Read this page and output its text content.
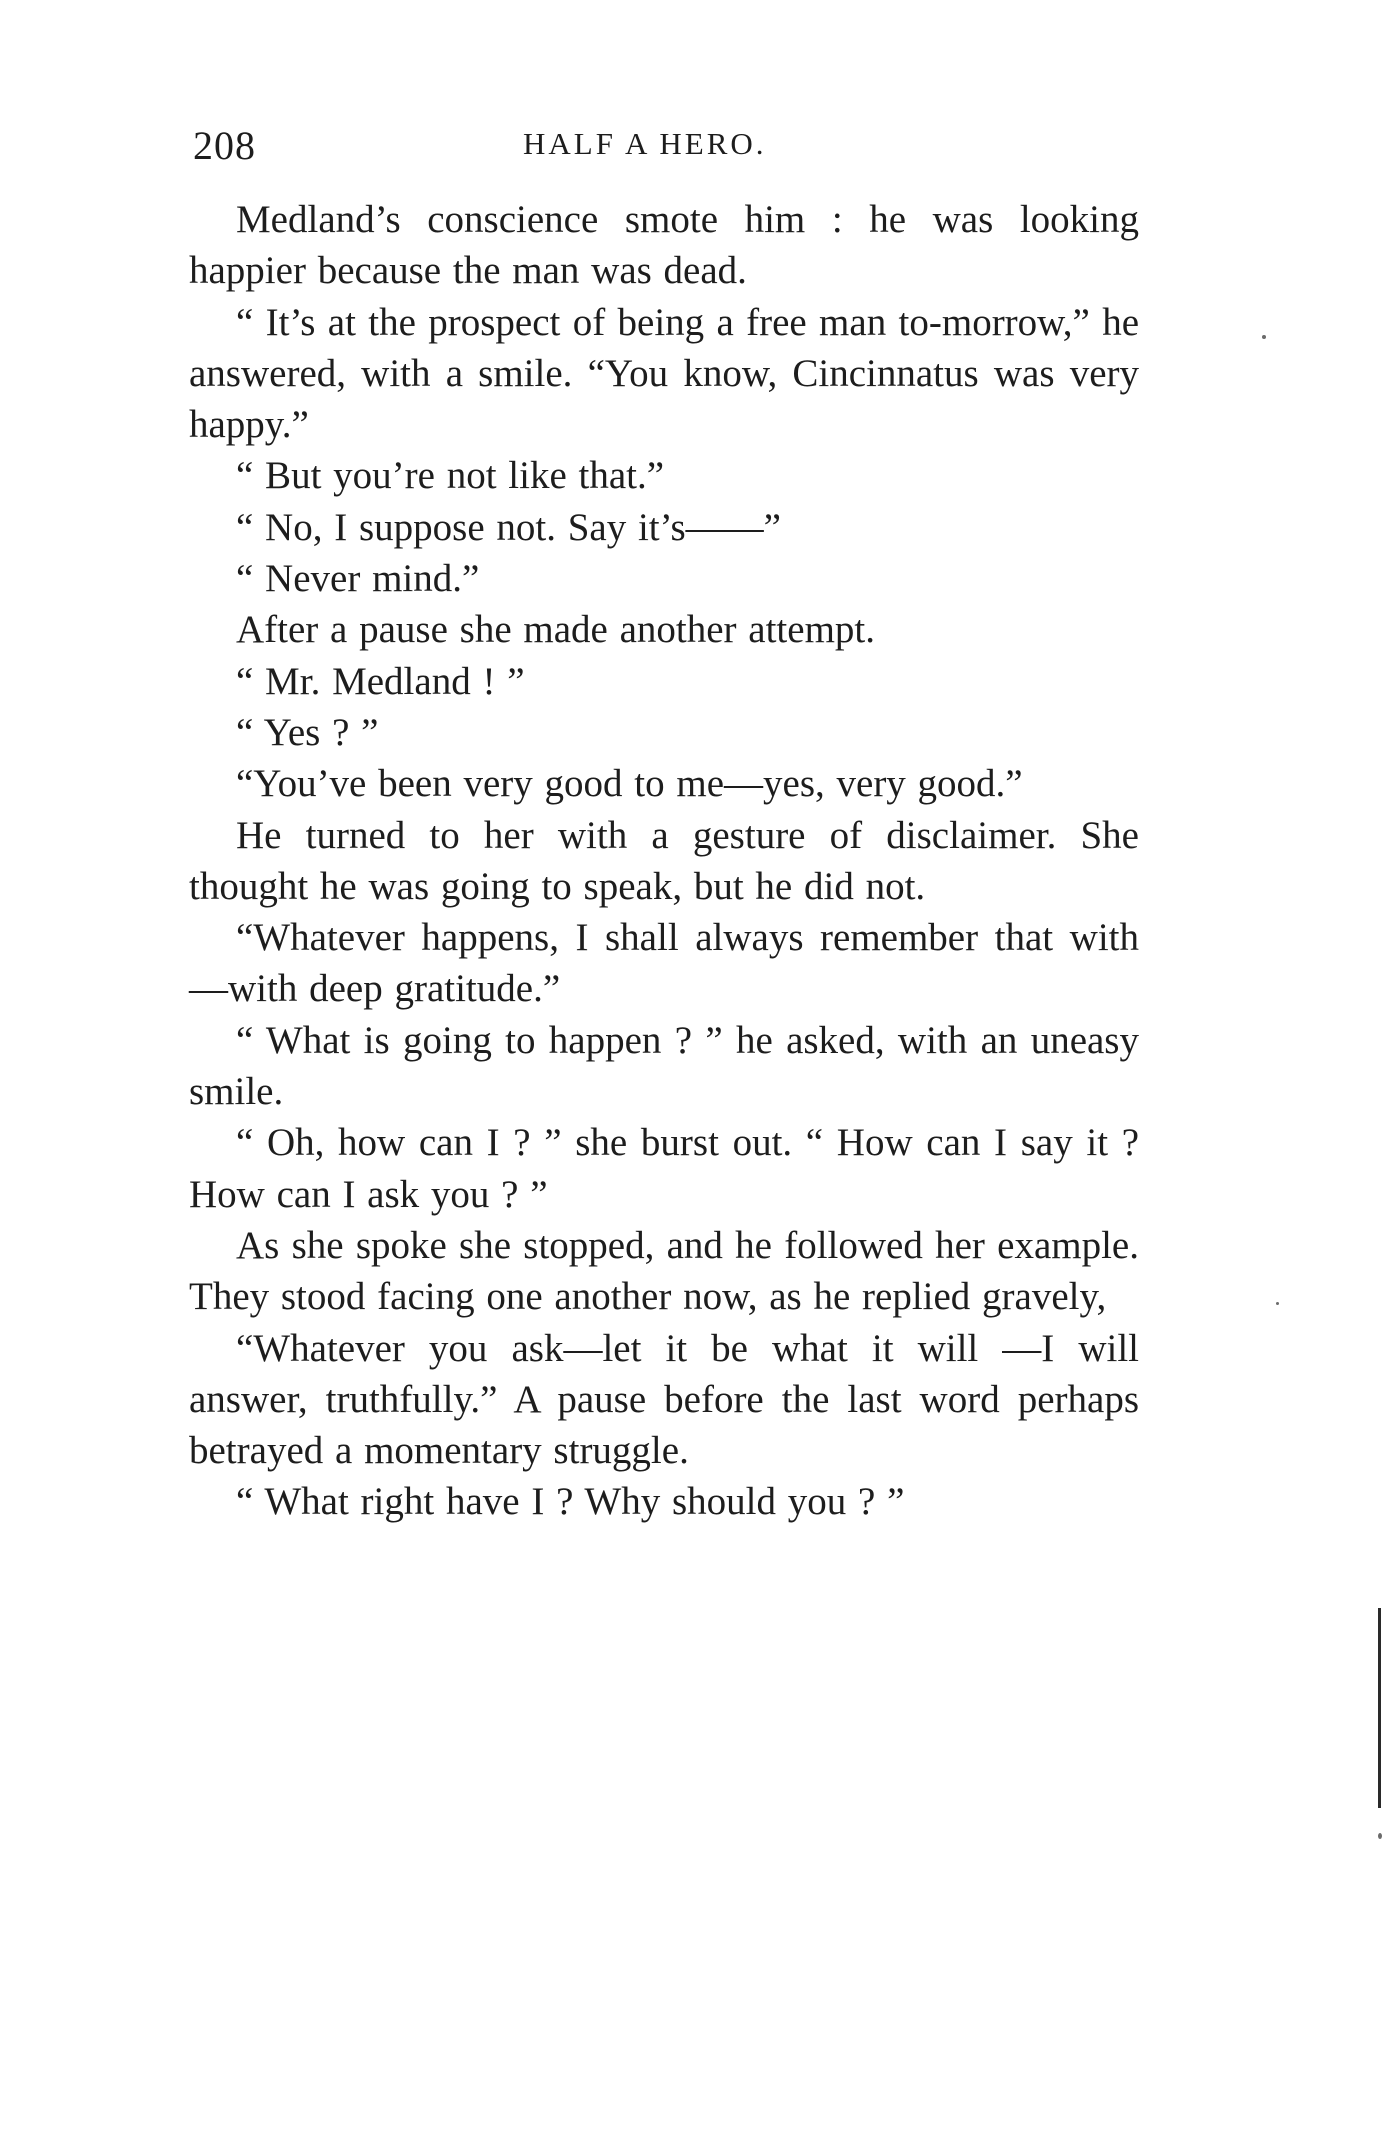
208	HALF A HERO.

Medland’s conscience smote him : he was looking happier because the man was dead.

“ It’s at the prospect of being a free man to-morrow,” he answered, with a smile. “You know, Cincinnatus was very happy.”

“ But you’re not like that.”

“ No, I suppose not. Say it’s——”

“ Never mind.”

After a pause she made another attempt.

“ Mr. Medland ! ”

“ Yes ? ”

“You’ve been very good to me—yes, very good.”

He turned to her with a gesture of disclaimer. She thought he was going to speak, but he did not.

“Whatever happens, I shall always remember that with—with deep gratitude.”

“ What is going to happen ? ” he asked, with an uneasy smile.

“ Oh, how can I ? ” she burst out. “ How can I say it ? How can I ask you ? ”

As she spoke she stopped, and he followed her example. They stood facing one another now, as he replied gravely,

“Whatever you ask—let it be what it will —I will answer, truthfully.” A pause before the last word perhaps betrayed a momentary struggle.

“ What right have I ? Why should you ? ”
